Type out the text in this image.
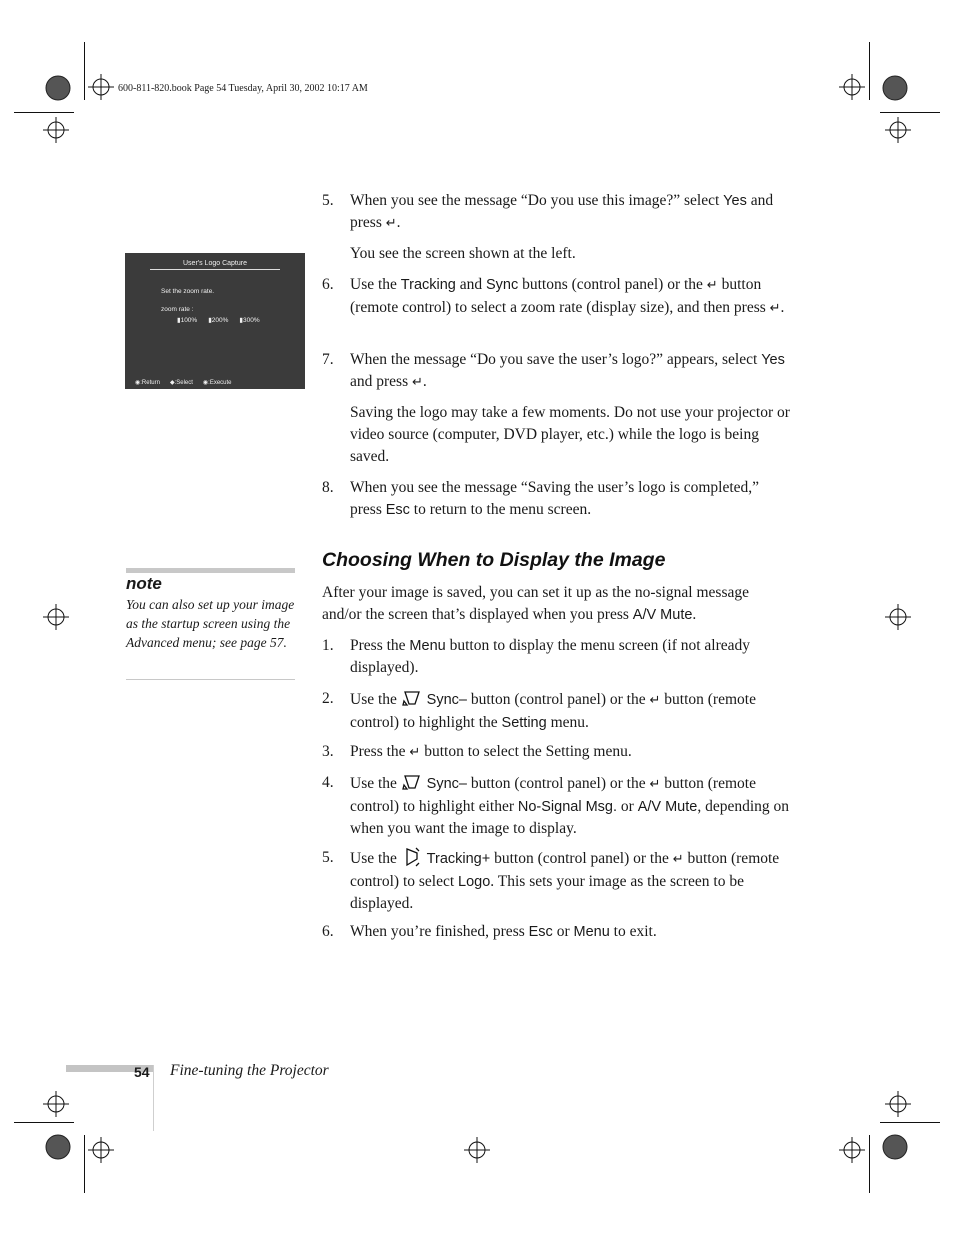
600-811-820.book Page 54 Tuesday, April 30, 2002 10:17 AM
User's Logo Capture
Set the zoom rate.
zoom rate :
▮100% ▮200% ▮300%
◉:Return ◆:Select ◉:Execute
5.	When you see the message “Do you use this image?” select Yes and press ↵.
You see the screen shown at the left.
6.	Use the Tracking and Sync buttons (control panel) or the ↵ button (remote control) to select a zoom rate (display size), and then press ↵.
7.	When the message “Do you save the user’s logo?” appears, select Yes and press ↵.
Saving the logo may take a few moments. Do not use your projector or video source (computer, DVD player, etc.) while the logo is being saved.
8.	When you see the message “Saving the user’s logo is completed,” press Esc to return to the menu screen.
Choosing When to Display the Image
After your image is saved, you can set it up as the no-signal message and/or the screen that’s displayed when you press A/V Mute.
1.	Press the Menu button to display the menu screen (if not already displayed).
2.	Use the  Sync– button (control panel) or the ↵ button (remote control) to highlight the Setting menu.
3.	Press the ↵ button to select the Setting menu.
4.	Use the  Sync– button (control panel) or the ↵ button (remote control) to highlight either No-Signal Msg. or A/V Mute, depending on when you want the image to display.
5.	Use the  Tracking+ button (control panel) or the ↵ button (remote control) to select Logo. This sets your image as the screen to be displayed.
6.	When you’re finished, press Esc or Menu to exit.
note
You can also set up your image as the startup screen using the Advanced menu; see page 57.
54 Fine-tuning the Projector
